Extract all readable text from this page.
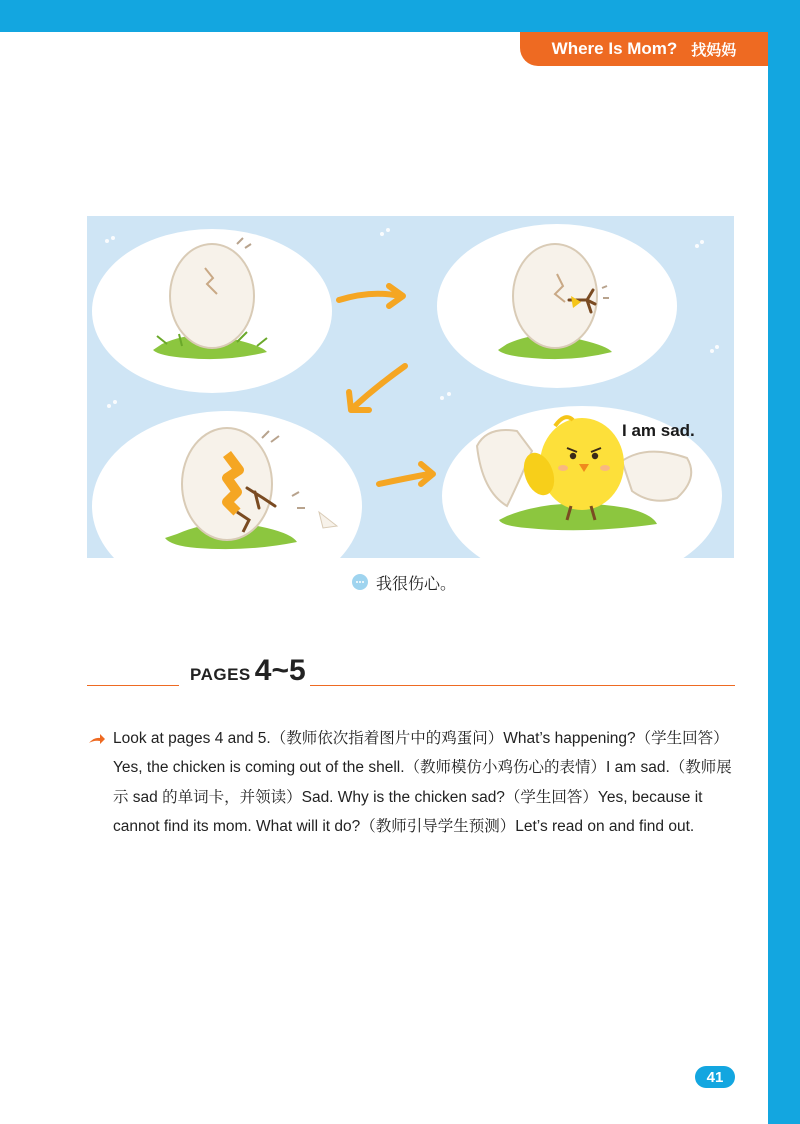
Where Is Mom? 找妈妈
I am sad.
我很伤心。
PAGES 4~5

Look at pages 4 and 5.（教师依次指着图片中的鸡蛋问）What’s happening?（学生回答）Yes, the chicken is coming out of the shell.（教师模仿小鸡伤心的表情）I am sad.（教师展示 sad 的单词卡，并领读）Sad. Why is the chicken sad?（学生回答）Yes, because it cannot find its mom. What will it do?（教师引导学生预测）Let’s read on and find out.

41
